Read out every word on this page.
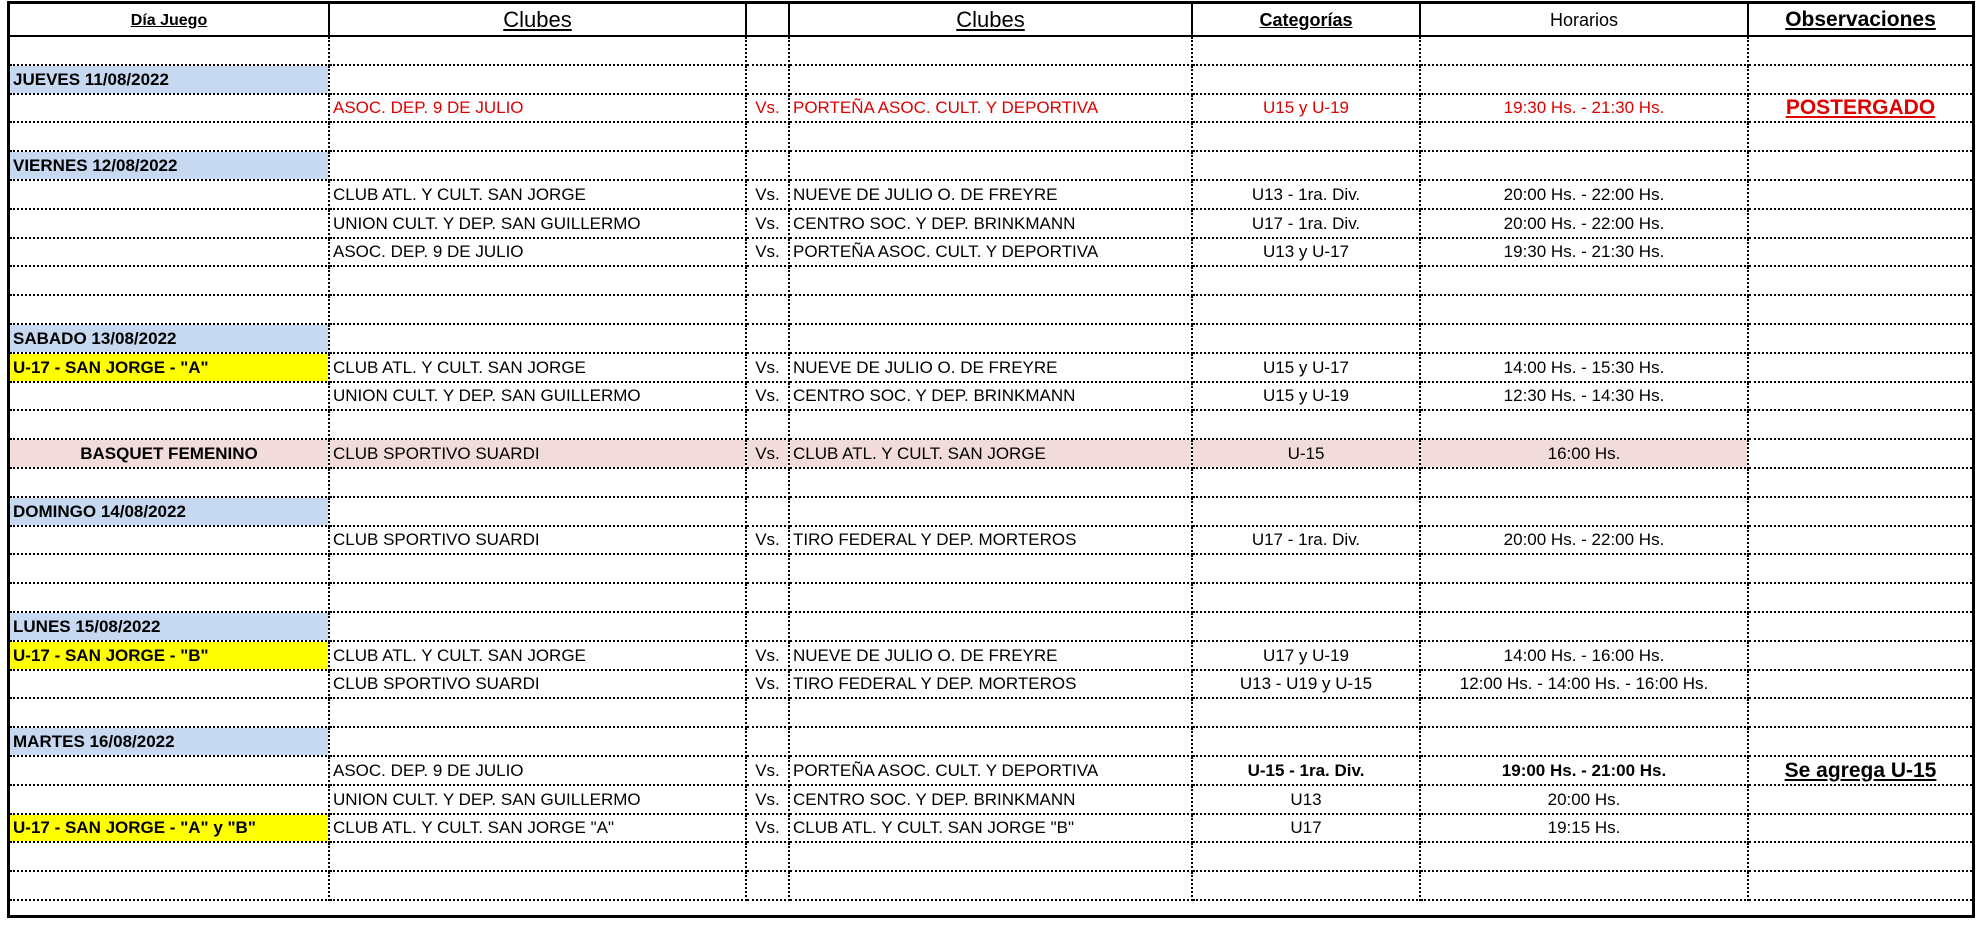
Día Juego	Clubes		Clubes	Categorías	Horarios	Observaciones

JUEVES 11/08/2022						
	ASOC. DEP. 9 DE JULIO	Vs.	PORTEÑA ASOC. CULT. Y DEPORTIVA	U15 y U-19	19:30 Hs. - 21:30 Hs.	POSTERGADO

VIERNES 12/08/2022						
	CLUB ATL. Y CULT. SAN JORGE	Vs.	NUEVE DE JULIO O. DE FREYRE	U13 - 1ra. Div.	20:00 Hs. - 22:00 Hs.	
	UNION CULT. Y DEP. SAN GUILLERMO	Vs.	CENTRO SOC. Y DEP. BRINKMANN	U17 - 1ra. Div.	20:00 Hs. - 22:00 Hs.	
	ASOC. DEP. 9 DE JULIO	Vs.	PORTEÑA ASOC. CULT. Y DEPORTIVA	U13 y U-17	19:30 Hs. - 21:30 Hs.	

SABADO 13/08/2022						
U-17 - SAN JORGE - "A"	CLUB ATL. Y CULT. SAN JORGE	Vs.	NUEVE DE JULIO O. DE FREYRE	U15 y U-17	14:00 Hs. - 15:30 Hs.	
	UNION CULT. Y DEP. SAN GUILLERMO	Vs.	CENTRO SOC. Y DEP. BRINKMANN	U15 y U-19	12:30 Hs. - 14:30 Hs.	

BASQUET FEMENINO	CLUB SPORTIVO SUARDI	Vs.	CLUB ATL. Y CULT. SAN JORGE	U-15	16:00 Hs.	

DOMINGO 14/08/2022						
	CLUB SPORTIVO SUARDI	Vs.	TIRO FEDERAL Y DEP. MORTEROS	U17 - 1ra. Div.	20:00 Hs. - 22:00 Hs.	

LUNES 15/08/2022						
U-17 - SAN JORGE - "B"	CLUB ATL. Y CULT. SAN JORGE	Vs.	NUEVE DE JULIO O. DE FREYRE	U17 y U-19	14:00 Hs. - 16:00 Hs.	
	CLUB SPORTIVO SUARDI	Vs.	TIRO FEDERAL Y DEP. MORTEROS	U13 - U19 y U-15	12:00 Hs. - 14:00 Hs. - 16:00 Hs.	

MARTES 16/08/2022						
	ASOC. DEP. 9 DE JULIO	Vs.	PORTEÑA ASOC. CULT. Y DEPORTIVA	U-15 - 1ra. Div.	19:00 Hs. - 21:00 Hs.	Se agrega U-15
	UNION CULT. Y DEP. SAN GUILLERMO	Vs.	CENTRO SOC. Y DEP. BRINKMANN	U13	20:00 Hs.	
U-17 - SAN JORGE - "A" y "B"	CLUB ATL. Y CULT. SAN JORGE "A"	Vs.	CLUB ATL. Y CULT. SAN JORGE "B"	U17	19:15 Hs.	
